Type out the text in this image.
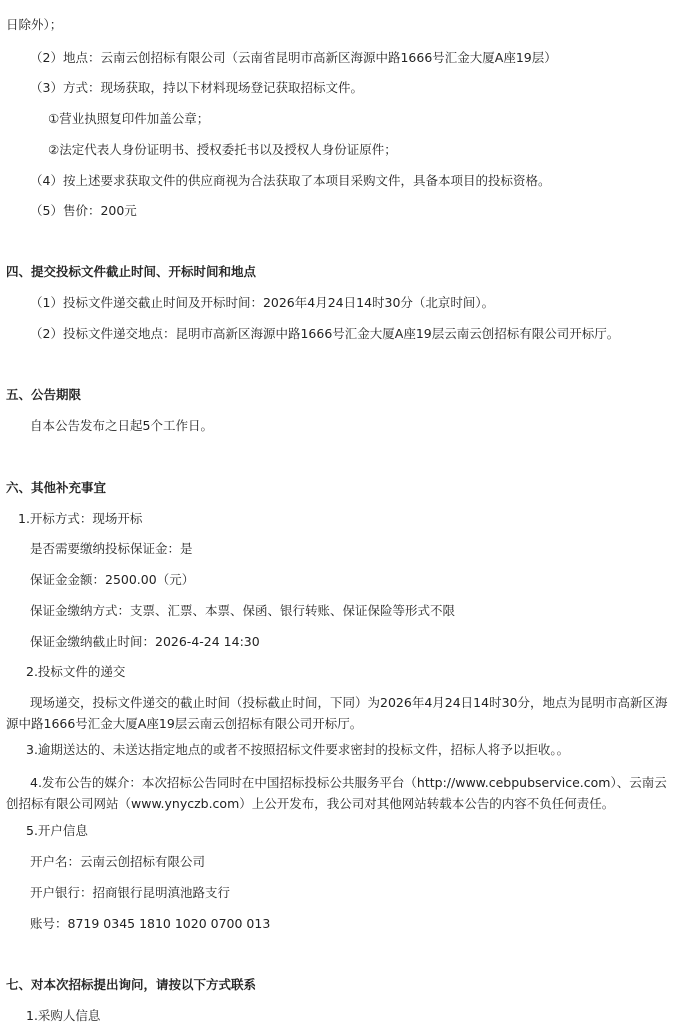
日除外）；
（2）地点：云南云创招标有限公司（云南省昆明市高新区海源中路1666号汇金大厦A座19层）
（3）方式：现场获取，持以下材料现场登记获取招标文件。
①营业执照复印件加盖公章；
②法定代表人身份证明书、授权委托书以及授权人身份证原件；
（4）按上述要求获取文件的供应商视为合法获取了本项目采购文件，具备本项目的投标资格。
（5）售价：200元
四、提交投标文件截止时间、开标时间和地点
（1）投标文件递交截止时间及开标时间：2026年4月24日14时30分（北京时间）。
（2）投标文件递交地点：昆明市高新区海源中路1666号汇金大厦A座19层云南云创招标有限公司开标厅。
五、公告期限
自本公告发布之日起5个工作日。
六、其他补充事宜
1.开标方式：现场开标
是否需要缴纳投标保证金：是
保证金金额：2500.00（元）
保证金缴纳方式：支票、汇票、本票、保函、银行转账、保证保险等形式不限
保证金缴纳截止时间：2026-4-24 14:30
2.投标文件的递交
现场递交，投标文件递交的截止时间（投标截止时间，下同）为2026年4月24日14时30分，地点为昆明市高新区海源中路1666号汇金大厦A座19层云南云创招标有限公司开标厅。
3.逾期送达的、未送达指定地点的或者不按照招标文件要求密封的投标文件，招标人将予以拒收。。
4.发布公告的媒介：本次招标公告同时在中国招标投标公共服务平台（http://www.cebpubservice.com）、云南云创招标有限公司网站（www.ynyczb.com）上公开发布，我公司对其他网站转载本公告的内容不负任何责任。
5.开户信息
开户名：云南云创招标有限公司
开户银行：招商银行昆明滇池路支行
账号：8719 0345 1810 1020 0700 013
七、对本次招标提出询问，请按以下方式联系
1.采购人信息
